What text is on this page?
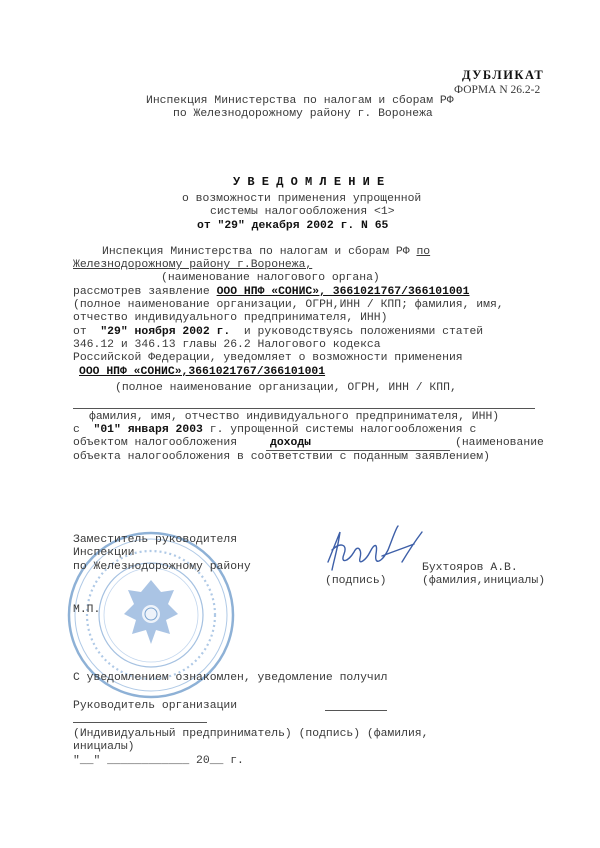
ДУБЛИКАТ
ФОРМА N 26.2-2
Инспекция Министерства по налогам и сборам РФ
по Железнодорожному району г. Воронежа
У В Е Д О М Л Е Н И Е
о возможности применения упрощенной
системы налогообложения <1>
от "29" декабря 2002 г. N 65
Инспекция Министерства по налогам и сборам РФ по
Железнодорожному району г.Воронежа,
(наименование налогового органа)
рассмотрев заявление ООО НПФ «СОНИС», 3661021767/366101001
(полное наименование организации, ОГРН,ИНН / КПП; фамилия, имя,
отчество индивидуального предпринимателя, ИНН)
от "29" ноября 2002 г. и руководствуясь положениями статей
346.12 и 346.13 главы 26.2 Налогового кодекса
Российской Федерации, уведомляет о возможности применения
ООО НПФ «СОНИС»,3661021767/366101001
(полное наименование организации, ОГРН, ИНН / КПП,
фамилия, имя, отчество индивидуального предпринимателя, ИНН)
с "01" января 2003 г. упрощенной системы налогообложения с
объектом налогообложения	доходы	(наименование
объекта налогообложения в соответствии с поданным заявлением)
Заместитель руководителя
Инспекции
по Железнодорожному району	Бухтояров А.В.
(подпись)	(фамилия,инициалы)
М.П.
С уведомлением ознакомлен, уведомление получил
Руководитель организации
(Индивидуальный предприниматель) (подпись) (фамилия,
инициалы)
"__" ____________ 20__ г.
